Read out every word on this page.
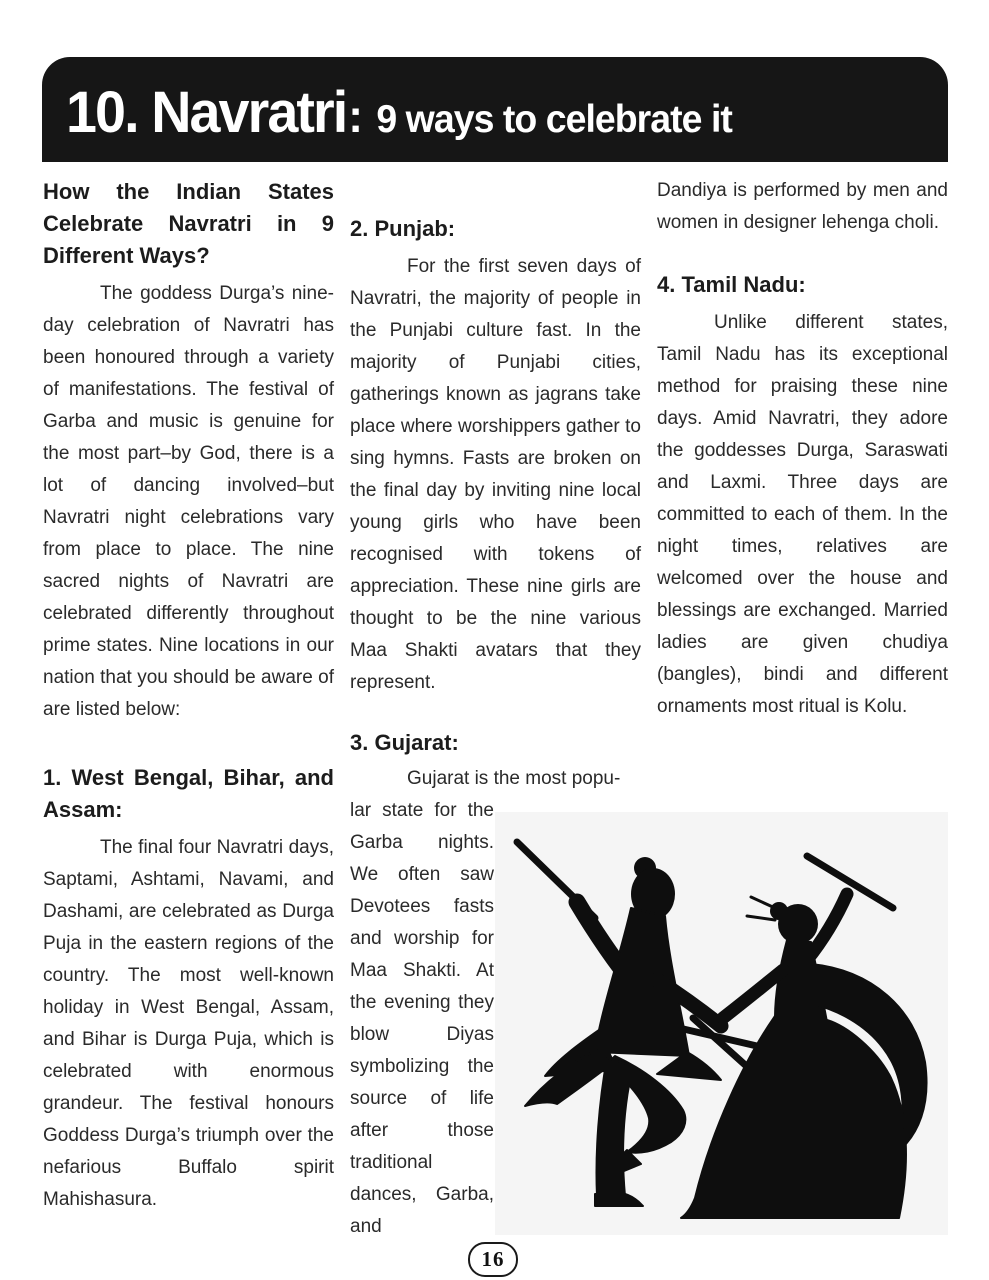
10. Navratri : 9 ways to celebrate it
How the Indian States Celebrate Navratri in 9 Different Ways?

The goddess Durga’s nine-day celebration of Navratri has been honoured through a variety of manifestations. The festival of Garba and music is genuine for the most part–by God, there is a lot of dancing involved–but Navratri night celebrations vary from place to place. The nine sacred nights of Navratri are celebrated differently throughout prime states. Nine locations in our nation that you should be aware of are listed below:

1. West Bengal, Bihar, and Assam:

The final four Navratri days, Saptami, Ashtami, Navami, and Dashami, are celebrated as Durga Puja in the eastern regions of the country. The most well-known holiday in West Bengal, Assam, and Bihar is Durga Puja, which is celebrated with enormous grandeur. The festival honours Goddess Durga’s triumph over the nefarious Buffalo spirit Mahishasura.

2. Punjab:

For the first seven days of Navratri, the majority of people in the Punjabi culture fast. In the majority of Punjabi cities, gatherings known as jagrans take place where worshippers gather to sing hymns. Fasts are broken on the final day by inviting nine local young girls who have been recognised with tokens of appreciation. These nine girls are thought to be the nine various Maa Shakti avatars that they represent.

3. Gujarat:

Gujarat is the most popu-

lar state for the Garba nights. We often saw Devotees fasts and worship for Maa Shakti. At the evening they blow Diyas symbolizing the source of life after those traditional dances, Garba, and

Dandiya is performed by men and women in designer lehenga choli.

4. Tamil Nadu:

Unlike different states, Tamil Nadu has its exceptional method for praising these nine days. Amid Navratri, they adore the goddesses Durga, Saraswati and Laxmi. Three days are committed to each of them. In the night times, relatives are welcomed over the house and blessings are exchanged. Married ladies are given chudiya (bangles), bindi and different ornaments most ritual is Kolu.

16
